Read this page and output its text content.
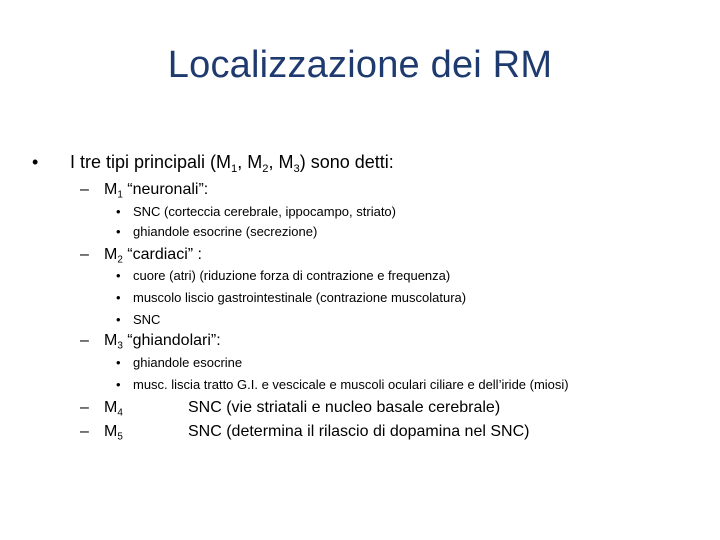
Localizzazione dei RM
• I tre tipi principali ($M_1$, $M_2$, $M_3$) sono detti:
– $M_1$ “neuronali”:
• SNC (corteccia cerebrale, ippocampo, striato)
• ghiandole esocrine (secrezione)
– $M_2$ “cardiaci” :
• cuore (atri) (riduzione forza di contrazione e frequenza)
• muscolo liscio gastrointestinale (contrazione muscolatura)
• SNC
– $M_3$ “ghiandolari”:
• ghiandole esocrine
• musc. liscia tratto G.I. e vescicale e muscoli oculari ciliare e dell’iride (miosi)
– $M_4$	SNC (vie striatali e nucleo basale cerebrale)
– $M_5$	SNC (determina il rilascio di dopamina nel SNC)
